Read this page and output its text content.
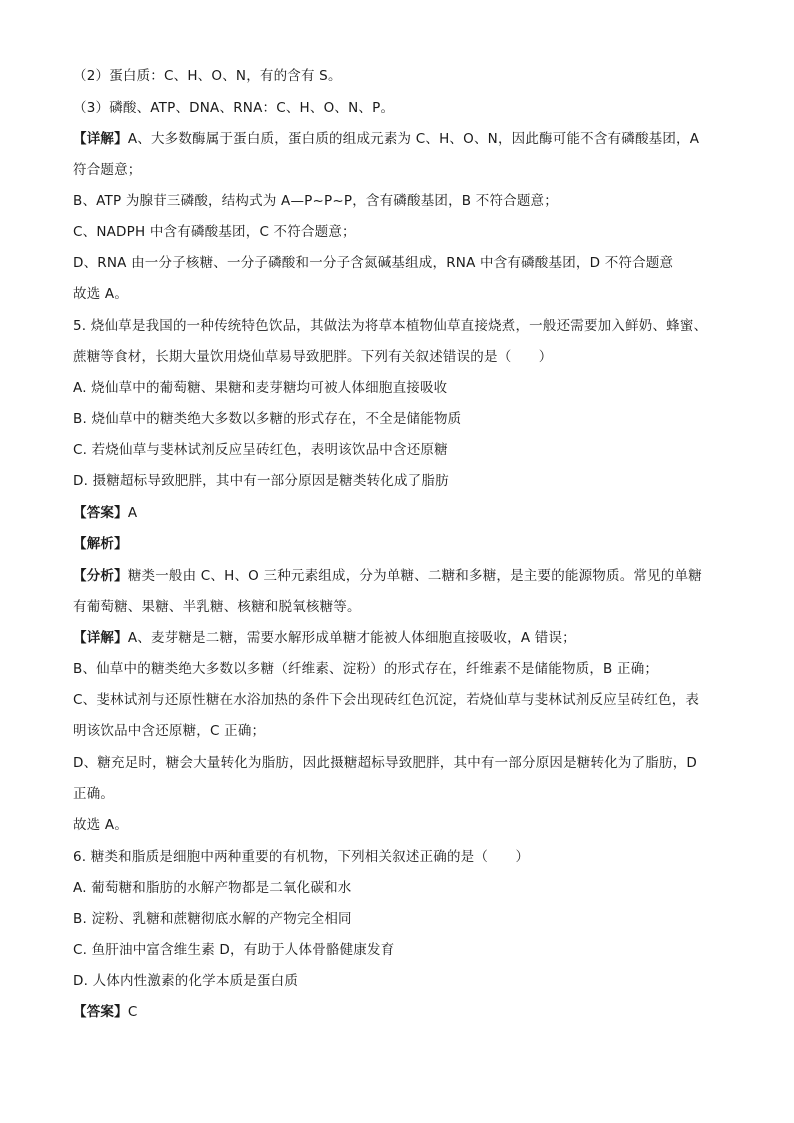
（2）蛋白质：C、H、O、N，有的含有 S。
（3）磷酸、ATP、DNA、RNA：C、H、O、N、P。
【详解】A、大多数酶属于蛋白质，蛋白质的组成元素为 C、H、O、N，因此酶可能不含有磷酸基团，A
符合题意；
B、ATP 为腺苷三磷酸，结构式为 A—P~P~P，含有磷酸基团，B 不符合题意；
C、NADPH 中含有磷酸基团，C 不符合题意；
D、RNA 由一分子核糖、一分子磷酸和一分子含氮碱基组成，RNA 中含有磷酸基团，D 不符合题意
故选 A。
5. 烧仙草是我国的一种传统特色饮品，其做法为将草本植物仙草直接烧煮，一般还需要加入鲜奶、蜂蜜、
蔗糖等食材，长期大量饮用烧仙草易导致肥胖。下列有关叙述错误的是（　　）
A. 烧仙草中的葡萄糖、果糖和麦芽糖均可被人体细胞直接吸收
B. 烧仙草中的糖类绝大多数以多糖的形式存在，不全是储能物质
C. 若烧仙草与斐林试剂反应呈砖红色，表明该饮品中含还原糖
D. 摄糖超标导致肥胖，其中有一部分原因是糖类转化成了脂肪
【答案】A
【解析】
【分析】糖类一般由 C、H、O 三种元素组成，分为单糖、二糖和多糖，是主要的能源物质。常见的单糖
有葡萄糖、果糖、半乳糖、核糖和脱氧核糖等。
【详解】A、麦芽糖是二糖，需要水解形成单糖才能被人体细胞直接吸收，A 错误；
B、仙草中的糖类绝大多数以多糖（纤维素、淀粉）的形式存在，纤维素不是储能物质，B 正确；
C、斐林试剂与还原性糖在水浴加热的条件下会出现砖红色沉淀，若烧仙草与斐林试剂反应呈砖红色，表
明该饮品中含还原糖，C 正确；
D、糖充足时，糖会大量转化为脂肪，因此摄糖超标导致肥胖，其中有一部分原因是糖转化为了脂肪，D
正确。
故选 A。
6. 糖类和脂质是细胞中两种重要的有机物，下列相关叙述正确的是（　　）
A. 葡萄糖和脂肪的水解产物都是二氧化碳和水
B. 淀粉、乳糖和蔗糖彻底水解的产物完全相同
C. 鱼肝油中富含维生素 D，有助于人体骨骼健康发育
D. 人体内性激素的化学本质是蛋白质
【答案】C
